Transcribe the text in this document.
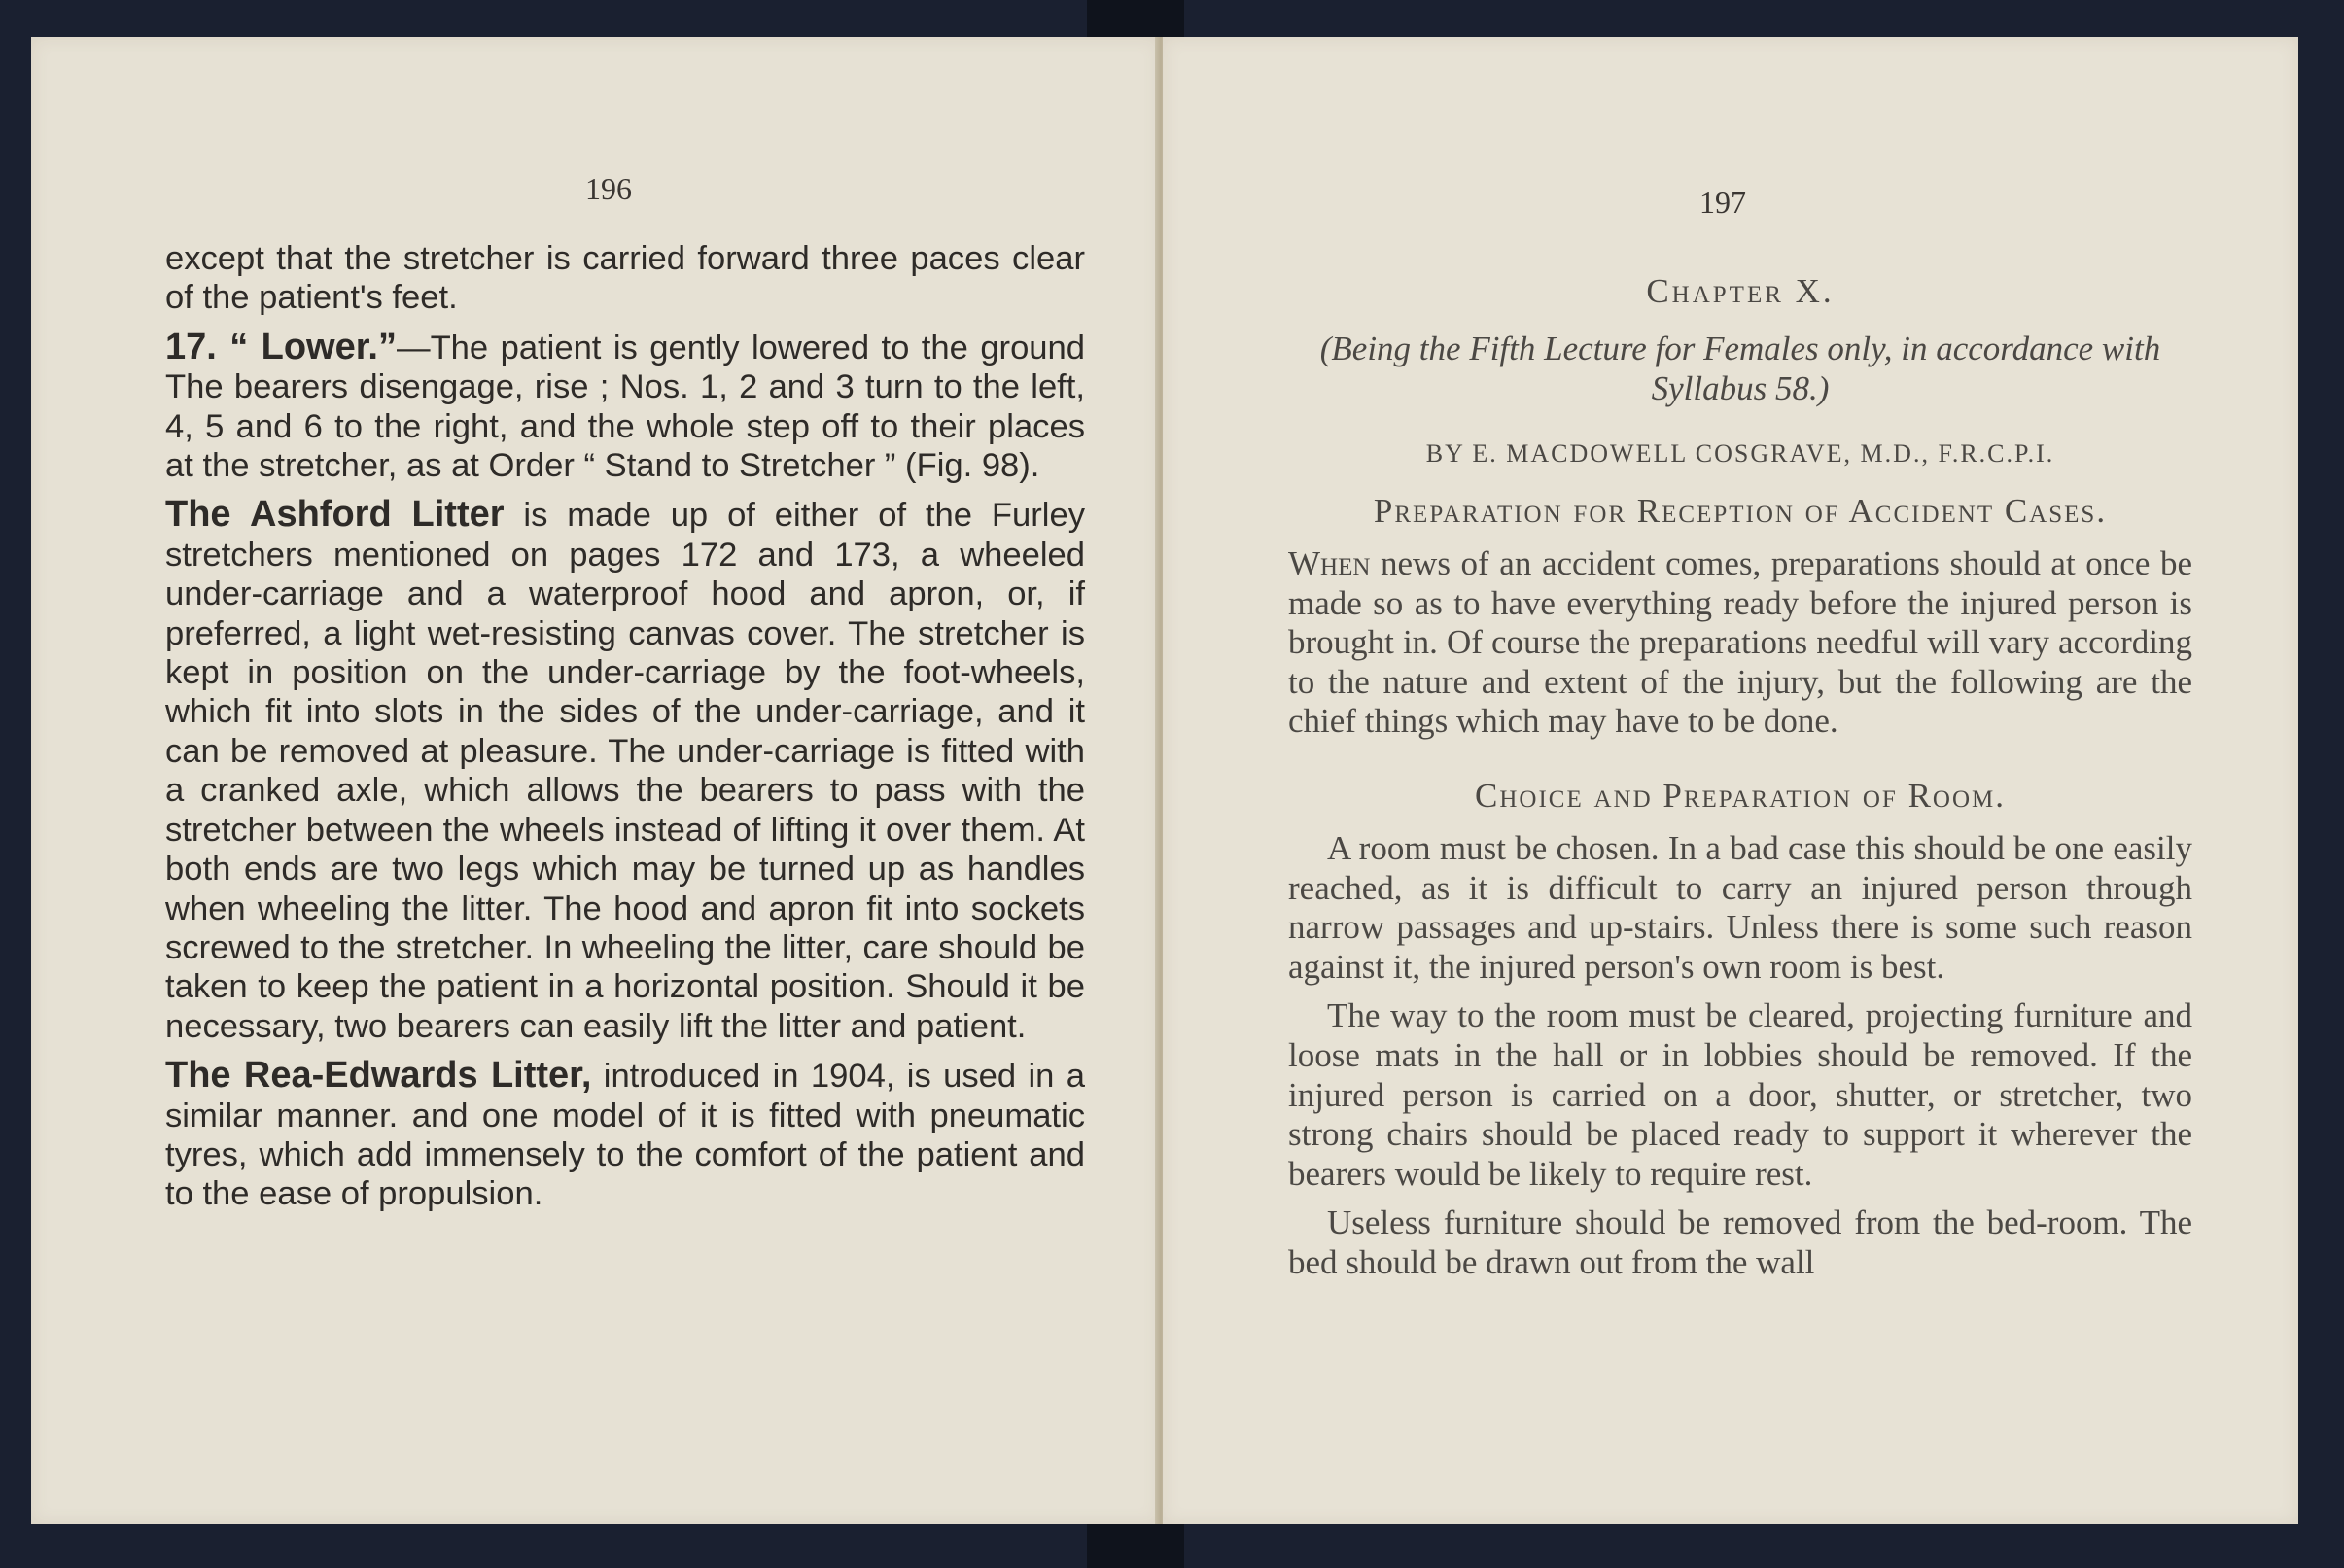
196

except that the stretcher is carried forward three paces clear of the patient's feet.

17. “ Lower.”—The patient is gently lowered to the ground The bearers disengage, rise ; Nos. 1, 2 and 3 turn to the left, 4, 5 and 6 to the right, and the whole step off to their places at the stretcher, as at Order “ Stand to Stretcher ” (Fig. 98).

The Ashford Litter is made up of either of the Furley stretchers mentioned on pages 172 and 173, a wheeled under-carriage and a waterproof hood and apron, or, if preferred, a light wet-resisting canvas cover. The stretcher is kept in position on the under-carriage by the foot-wheels, which fit into slots in the sides of the under-carriage, and it can be removed at pleasure. The under-carriage is fitted with a cranked axle, which allows the bearers to pass with the stretcher between the wheels instead of lifting it over them. At both ends are two legs which may be turned up as handles when wheeling the litter. The hood and apron fit into sockets screwed to the stretcher. In wheeling the litter, care should be taken to keep the patient in a horizontal position. Should it be necessary, two bearers can easily lift the litter and patient.

The Rea-Edwards Litter, introduced in 1904, is used in a similar manner. and one model of it is fitted with pneumatic tyres, which add immensely to the comfort of the patient and to the ease of propulsion.

197

Chapter X.

(Being the Fifth Lecture for Females only, in accordance with Syllabus 58.)

BY E. MACDOWELL COSGRAVE, M.D., F.R.C.P.I.

Preparation for Reception of Accident Cases.

When news of an accident comes, preparations should at once be made so as to have everything ready before the injured person is brought in. Of course the preparations needful will vary according to the nature and extent of the injury, but the following are the chief things which may have to be done.

Choice and Preparation of Room.

A room must be chosen. In a bad case this should be one easily reached, as it is difficult to carry an injured person through narrow passages and up-stairs. Unless there is some such reason against it, the injured person's own room is best.

The way to the room must be cleared, projecting furniture and loose mats in the hall or in lobbies should be removed. If the injured person is carried on a door, shutter, or stretcher, two strong chairs should be placed ready to support it wherever the bearers would be likely to require rest.

Useless furniture should be removed from the bed-room. The bed should be drawn out from the wall
